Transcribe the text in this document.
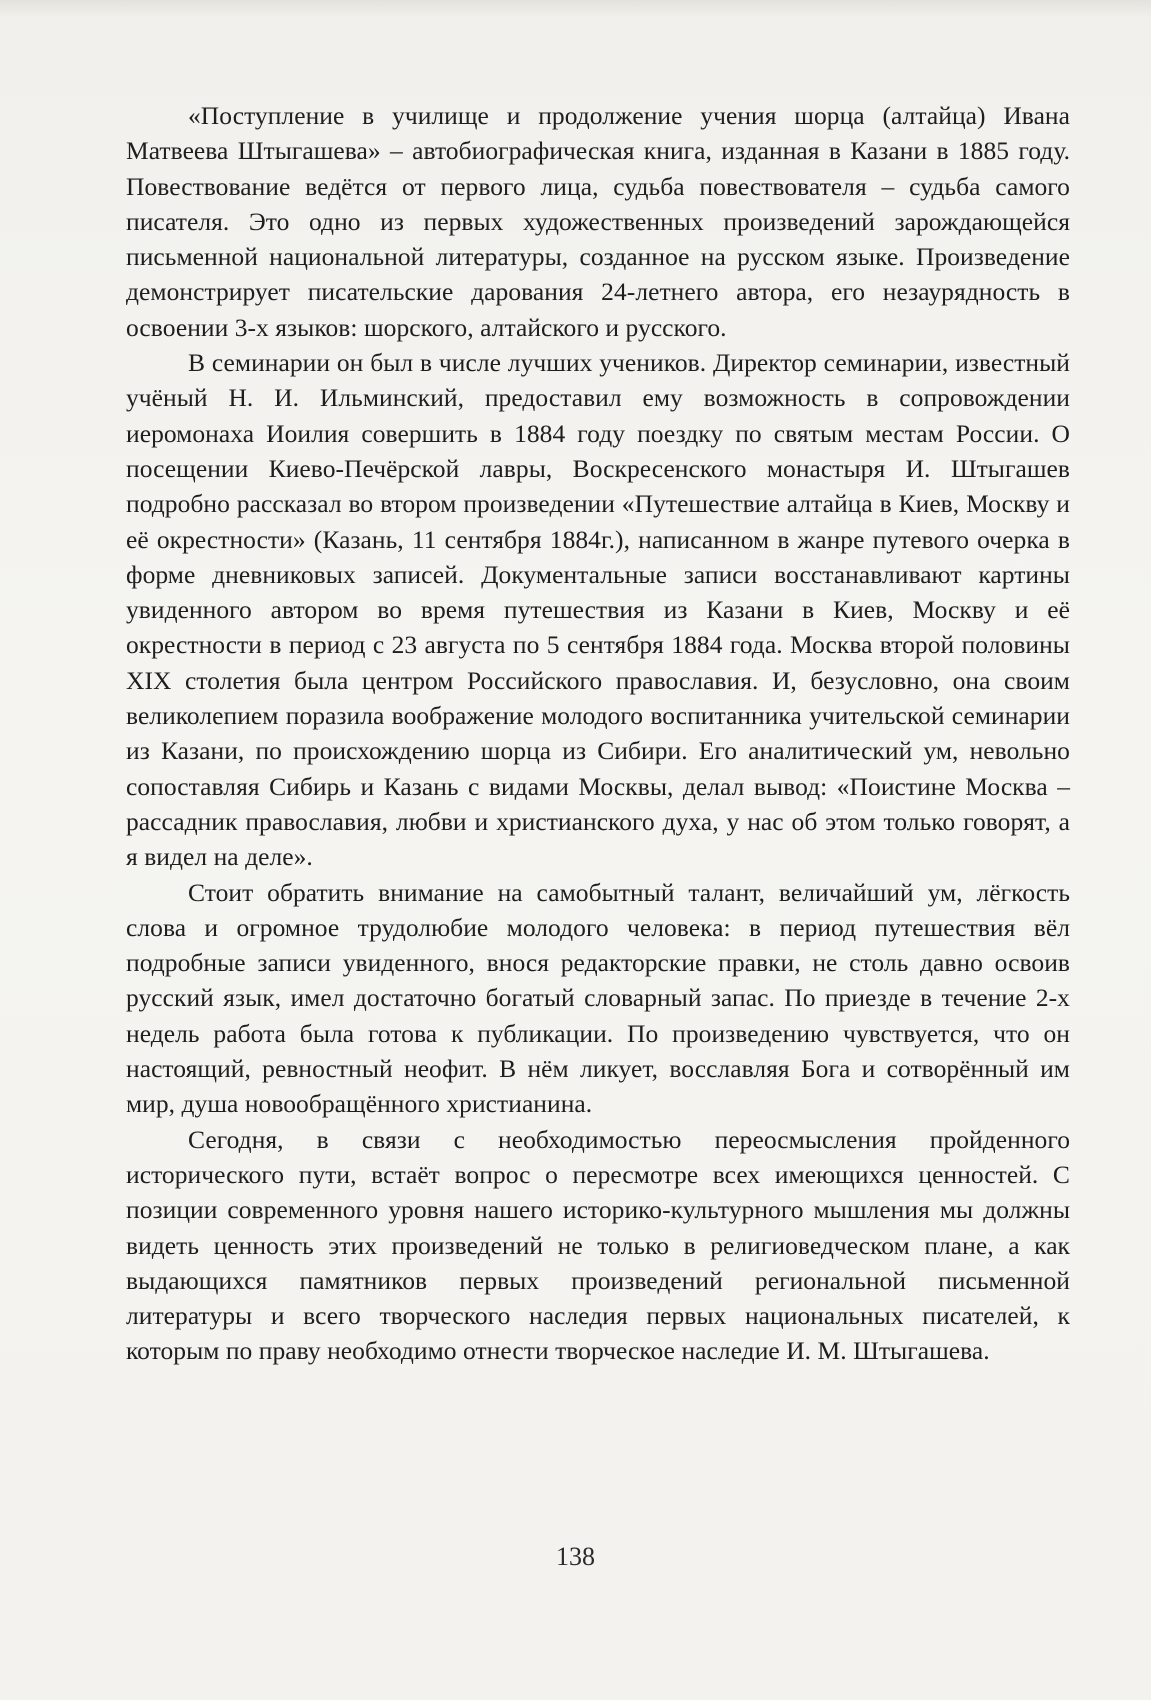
«Поступление в училище и продолжение учения шорца (алтайца) Ивана Матвеева Штыгашева» – автобиографическая книга, изданная в Казани в 1885 году. Повествование ведётся от первого лица, судьба повествователя – судьба самого писателя. Это одно из первых художественных произведений зарождающейся письменной национальной литературы, созданное на русском языке. Произведение демонстрирует писательские дарования 24-летнего автора, его незаурядность в освоении 3-х языков: шорского, алтайского и русского.

В семинарии он был в числе лучших учеников. Директор семинарии, известный учёный Н. И. Ильминский, предоставил ему возможность в сопровождении иеромонаха Иоилия совершить в 1884 году поездку по святым местам России. О посещении Киево-Печёрской лавры, Воскресенского монастыря И. Штыгашев подробно рассказал во втором произведении «Путешествие алтайца в Киев, Москву и её окрестности» (Казань, 11 сентября 1884г.), написанном в жанре путевого очерка в форме дневниковых записей. Документальные записи восстанавливают картины увиденного автором во время путешествия из Казани в Киев, Москву и её окрестности в период с 23 августа по 5 сентября 1884 года. Москва второй половины XIX столетия была центром Российского православия. И, безусловно, она своим великолепием поразила воображение молодого воспитанника учительской семинарии из Казани, по происхождению шорца из Сибири. Его аналитический ум, невольно сопоставляя Сибирь и Казань с видами Москвы, делал вывод: «Поистине Москва – рассадник православия, любви и христианского духа, у нас об этом только говорят, а я видел на деле».

Стоит обратить внимание на самобытный талант, величайший ум, лёгкость слова и огромное трудолюбие молодого человека: в период путешествия вёл подробные записи увиденного, внося редакторские правки, не столь давно освоив русский язык, имел достаточно богатый словарный запас. По приезде в течение 2-х недель работа была готова к публикации. По произведению чувствуется, что он настоящий, ревностный неофит. В нём ликует, восславляя Бога и сотворённый им мир, душа новообращённого христианина.

Сегодня, в связи с необходимостью переосмысления пройденного исторического пути, встаёт вопрос о пересмотре всех имеющихся ценностей. С позиции современного уровня нашего историко-культурного мышления мы должны видеть ценность этих произведений не только в религиоведческом плане, а как выдающихся памятников первых произведений региональной письменной литературы и всего творческого наследия первых национальных писателей, к которым по праву необходимо отнести творческое наследие И. М. Штыгашева.

138
